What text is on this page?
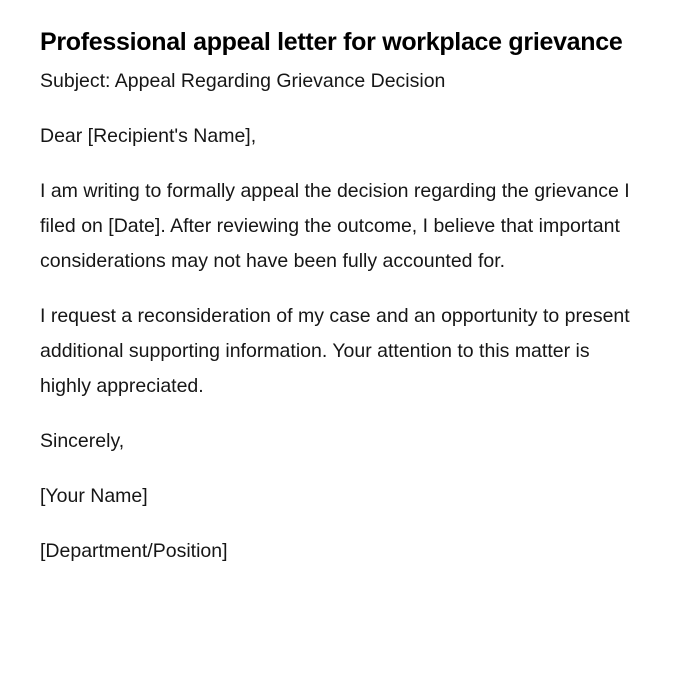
Professional appeal letter for workplace grievance

Subject: Appeal Regarding Grievance Decision

Dear [Recipient's Name],

I am writing to formally appeal the decision regarding the grievance I filed on [Date]. After reviewing the outcome, I believe that important considerations may not have been fully accounted for.

I request a reconsideration of my case and an opportunity to present additional supporting information. Your attention to this matter is highly appreciated.

Sincerely,

[Your Name]

[Department/Position]
